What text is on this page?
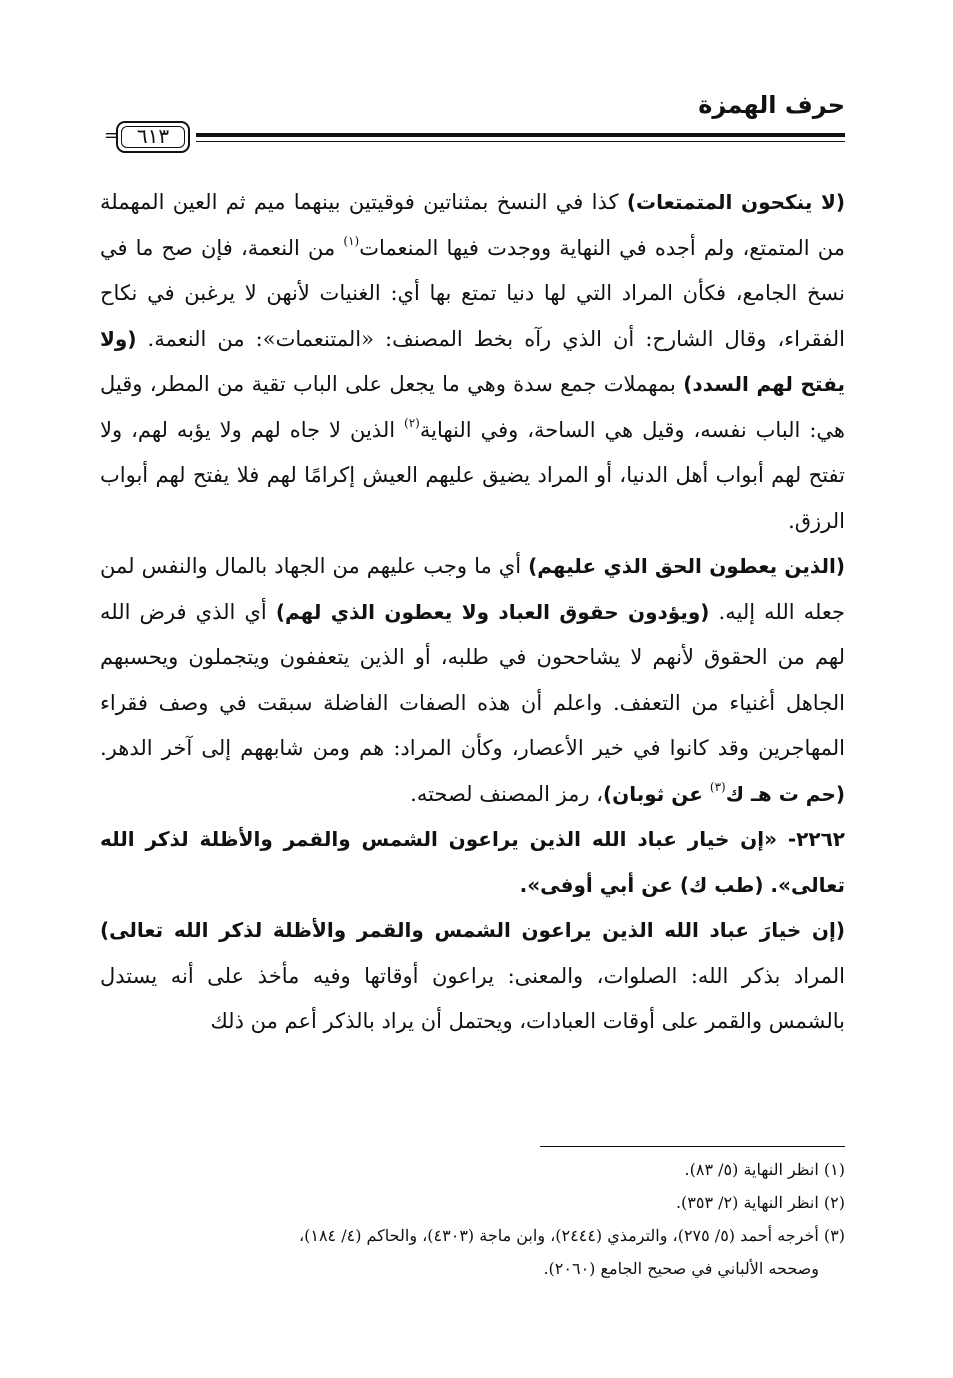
حرف الهمزة
٦١٣
=

(لا ينكحون المتمتعات) كذا في النسخ بمثناتين فوقيتين بينهما ميم ثم العين المهملة من المتمتع، ولم أجده في النهاية ووجدت فيها المنعمات$^{(١)}$ من النعمة، فإن صح ما في نسخ الجامع، فكأن المراد التي لها دنيا تمتع بها أي: الغنيات لأنهن لا يرغبن في نكاح الفقراء، وقال الشارح: أن الذي رآه بخط المصنف: «المتنعمات»: من النعمة. (ولا يفتح لهم السدد) بمهملات جمع سدة وهي ما يجعل على الباب تقية من المطر، وقيل هي: الباب نفسه، وقيل هي الساحة، وفي النهاية$^{(٢)}$ الذين لا جاه لهم ولا يؤبه لهم، ولا تفتح لهم أبواب أهل الدنيا، أو المراد يضيق عليهم العيش إكرامًا لهم فلا يفتح لهم أبواب الرزق.

(الذين يعطون الحق الذي عليهم) أي ما وجب عليهم من الجهاد بالمال والنفس لمن جعله الله إليه. (ويؤدون حقوق العباد ولا يعطون الذي لهم) أي الذي فرض الله لهم من الحقوق لأنهم لا يشاححون في طلبه، أو الذين يتعففون ويتجملون ويحسبهم الجاهل أغنياء من التعفف. واعلم أن هذه الصفات الفاضلة سبقت في وصف فقراء المهاجرين وقد كانوا في خير الأعصار، وكأن المراد: هم ومن شابههم إلى آخر الدهر. (حم ت هـ ك$^{(٣)}$ عن ثوبان)، رمز المصنف لصحته.

٢٢٦٢- «إن خيار عباد الله الذين يراعون الشمس والقمر والأظلة لذكر الله تعالى». (طب ك) عن أبي أوفى».

(إن خيارَ عباد الله الذين يراعون الشمس والقمر والأظلة لذكر الله تعالى) المراد بذكر الله: الصلوات، والمعنى: يراعون أوقاتها وفيه مأخذ على أنه يستدل بالشمس والقمر على أوقات العبادات، ويحتمل أن يراد بالذكر أعم من ذلك

(١) انظر النهاية (٥/ ٨٣).

(٢) انظر النهاية (٢/ ٣٥٣).

(٣) أخرجه أحمد (٥/ ٢٧٥)، والترمذي (٢٤٤٤)، وابن ماجة (٤٣٠٣)، والحاكم (٤/ ١٨٤)،

وصححه الألباني في صحيح الجامع (٢٠٦٠).
